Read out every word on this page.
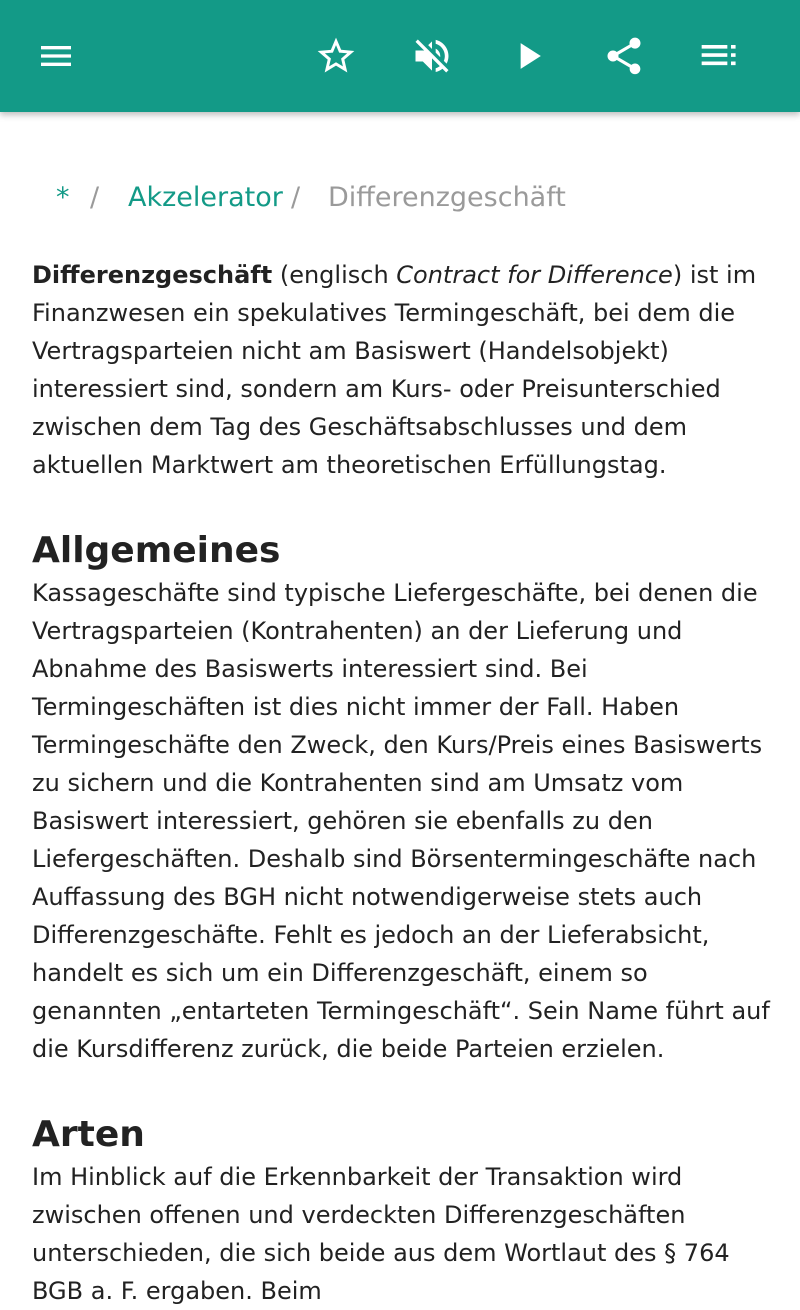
* / Akzelerator / Differenzgeschäft

Differenzgeschäft (englisch Contract for Difference) ist im Finanzwesen ein spekulatives Termingeschäft, bei dem die Vertragsparteien nicht am Basiswert (Handelsobjekt) interessiert sind, sondern am Kurs- oder Preisunterschied zwischen dem Tag des Geschäftsabschlusses und dem aktuellen Marktwert am theoretischen Erfüllungstag.

Allgemeines

Kassageschäfte sind typische Liefergeschäfte, bei denen die Vertragsparteien (Kontrahenten) an der Lieferung und Abnahme des Basiswerts interessiert sind. Bei Termingeschäften ist dies nicht immer der Fall. Haben Termingeschäfte den Zweck, den Kurs/Preis eines Basiswerts zu sichern und die Kontrahenten sind am Umsatz vom Basiswert interessiert, gehören sie ebenfalls zu den Liefergeschäften. Deshalb sind Börsentermingeschäfte nach Auffassung des BGH nicht notwendigerweise stets auch Differenzgeschäfte. Fehlt es jedoch an der Lieferabsicht, handelt es sich um ein Differenzgeschäft, einem so genannten „entarteten Termingeschäft“. Sein Name führt auf die Kursdifferenz zurück, die beide Parteien erzielen.

Arten

Im Hinblick auf die Erkennbarkeit der Transaktion wird zwischen offenen und verdeckten Differenzgeschäften unterschieden, die sich beide aus dem Wortlaut des § 764 BGB a. F. ergaben. Beim
